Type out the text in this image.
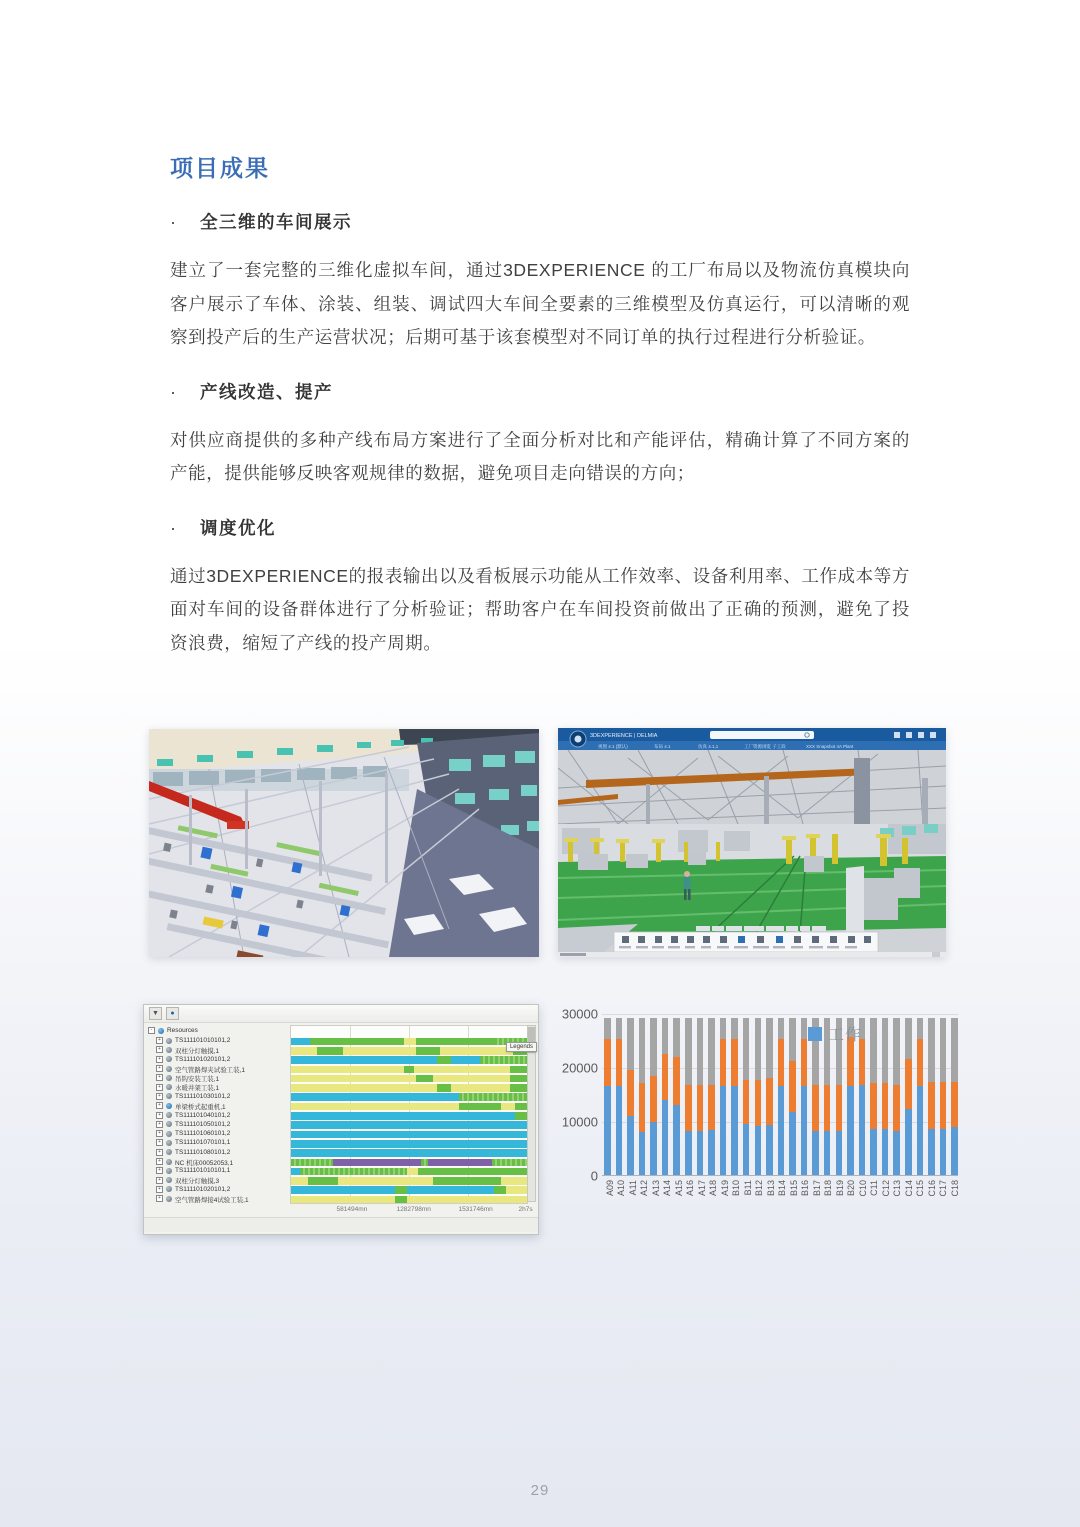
项目成果
·	全三维的车间展示

建立了一套完整的三维化虚拟车间，通过3DEXPERIENCE 的工厂布局以及物流仿真模块向客户展示了车体、涂装、组装、调试四大车间全要素的三维模型及仿真运行，可以清晰的观察到投产后的生产运营状况；后期可基于该套模型对不同订单的执行过程进行分析验证。

·	产线改造、提产

对供应商提供的多种产线布局方案进行了全面分析对比和产能评估，精确计算了不同方案的产能，提供能够反映客观规律的数据，避免项目走向错误的方向；

·	调度优化

通过3DEXPERIENCE的报表输出以及看板展示功能从工作效率、设备利用率、工作成本等方面对车间的设备群体进行了分析验证；帮助客户在车间投资前做出了正确的预测，避免了投资浪费，缩短了产线的投产周期。

3DEXPERIENCE | DELMIA
视图 4.1 (默认)	布局 4.1	仿真 4.1,1	工厂资源浏览 子工段	XXX Snapshot 4A Plant
▼	●
-	Resources
+	TS111101010101,2
+	双柱分灯触摸,1
+	TS111101020101,2
+	空气管路焊夹试验工装,1
+	吊钩安装工装,1
+	水暖井架工装,1
+	TS111101030101,2
+	单梁桥式起重机,1
+	TS111101040101,2
+	TS111101050101,2
+	TS111101060101,2
+	TS111101070101,1
+	TS111101080101,2
+	NC 机床00052053,1
+	TS111101010101,1
+	双柱分灯触摸,3
+	TS111101020101,2
+	空气管路焊接4试验工装,1
Legends
581494mn	1282798mn	1531746mn	2h7s
0
10000
20000
30000
A09 A10 A11 A12 A13 A14 A15 A16 A17 A18 A19 B10 B11 B12 B13 B14 B15 B16 B17 B18 B19 B20 C10 C11 C12 C13 C14 C15 C16 C17 C18
工作
29
